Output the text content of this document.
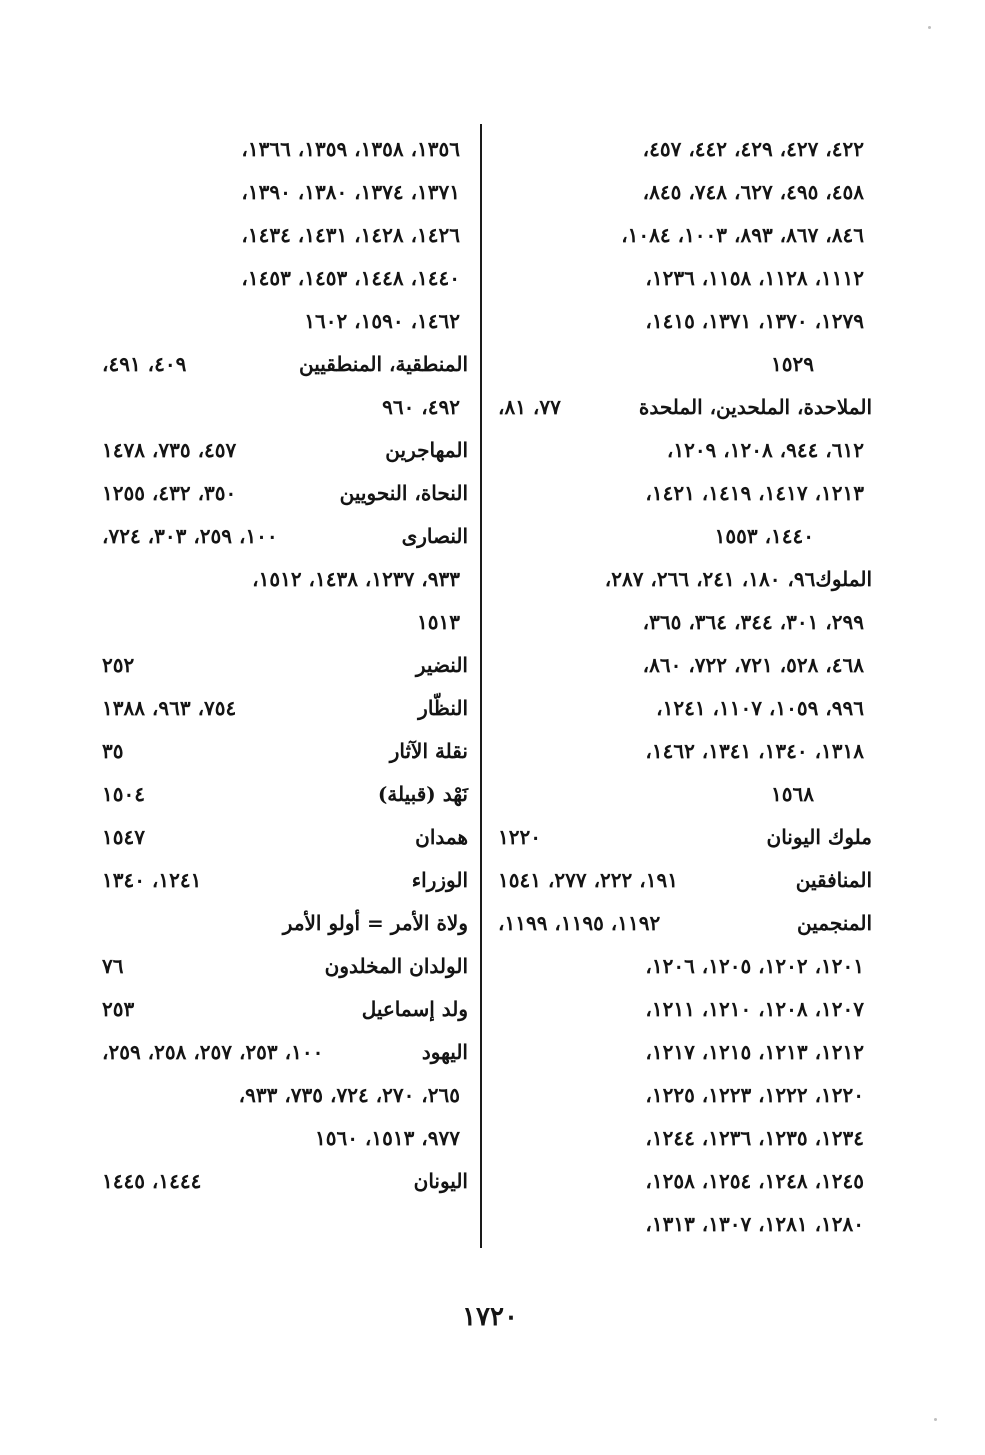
٤٢٢، ٤٢٧، ٤٢٩، ٤٤٢، ٤٥٧،
٤٥٨، ٤٩٥، ٦٢٧، ٧٤٨، ٨٤٥،
٨٤٦، ٨٦٧، ٨٩٣، ١٠٠٣، ١٠٨٤،
١١١٢، ١١٢٨، ١١٥٨، ١٢٣٦،
١٢٧٩، ١٣٧٠، ١٣٧١، ١٤١٥،
١٥٢٩
الملاحدة، الملحدين، الملحدة
٧٧، ٨١،
٦١٢، ٩٤٤، ١٢٠٨، ١٢٠٩،
١٢١٣، ١٤١٧، ١٤١٩، ١٤٢١،
١٤٤٠، ١٥٥٣
الملوك٩٦، ١٨٠، ٢٤١، ٢٦٦، ٢٨٧،
٢٩٩، ٣٠١، ٣٤٤، ٣٦٤، ٣٦٥،
٤٦٨، ٥٢٨، ٧٢١، ٧٢٢، ٨٦٠،
٩٩٦، ١٠٥٩، ١١٠٧، ١٢٤١،
١٣١٨، ١٣٤٠، ١٣٤١، ١٤٦٢،
١٥٦٨
ملوك اليونان
١٢٢٠
المنافقين
١٩١، ٢٢٢، ٢٧٧، ١٥٤١
المنجمين
١١٩٢، ١١٩٥، ١١٩٩،
١٢٠١، ١٢٠٢، ١٢٠٥، ١٢٠٦،
١٢٠٧، ١٢٠٨، ١٢١٠، ١٢١١،
١٢١٢، ١٢١٣، ١٢١٥، ١٢١٧،
١٢٢٠، ١٢٢٢، ١٢٢٣، ١٢٢٥،
١٢٣٤، ١٢٣٥، ١٢٣٦، ١٢٤٤،
١٢٤٥، ١٢٤٨، ١٢٥٤، ١٢٥٨،
١٢٨٠، ١٢٨١، ١٣٠٧، ١٣١٣،
١٣٥٦، ١٣٥٨، ١٣٥٩، ١٣٦٦،
١٣٧١، ١٣٧٤، ١٣٨٠، ١٣٩٠،
١٤٢٦، ١٤٢٨، ١٤٣١، ١٤٣٤،
١٤٤٠، ١٤٤٨، ١٤٥٣، ١٤٥٣،
١٤٦٢، ١٥٩٠، ١٦٠٢
المنطقية، المنطقيين
٤٠٩، ٤٩١،
٤٩٢، ٩٦٠
المهاجرين
٤٥٧، ٧٣٥، ١٤٧٨
النحاة، النحويين
٣٥٠، ٤٣٢، ١٢٥٥
النصارى
١٠٠، ٢٥٩، ٣٠٣، ٧٢٤،
٩٣٣، ١٢٣٧، ١٤٣٨، ١٥١٢،
١٥١٣
النضير
٢٥٢
النظّار
٧٥٤، ٩٦٣، ١٣٨٨
نقلة الآثار
٣٥
نَهْد (قبيلة)
١٥٠٤
همدان
١٥٤٧
الوزراء
١٢٤١، ١٣٤٠
ولاة الأمر = أولو الأمر
الولدان المخلدون
٧٦
ولد إسماعيل
٢٥٣
اليهود
١٠٠، ٢٥٣، ٢٥٧، ٢٥٨، ٢٥٩،
٢٦٥، ٢٧٠، ٧٢٤، ٧٣٥، ٩٣٣،
٩٧٧، ١٥١٣، ١٥٦٠
اليونان
١٤٤٤، ١٤٤٥
١٧٢٠
